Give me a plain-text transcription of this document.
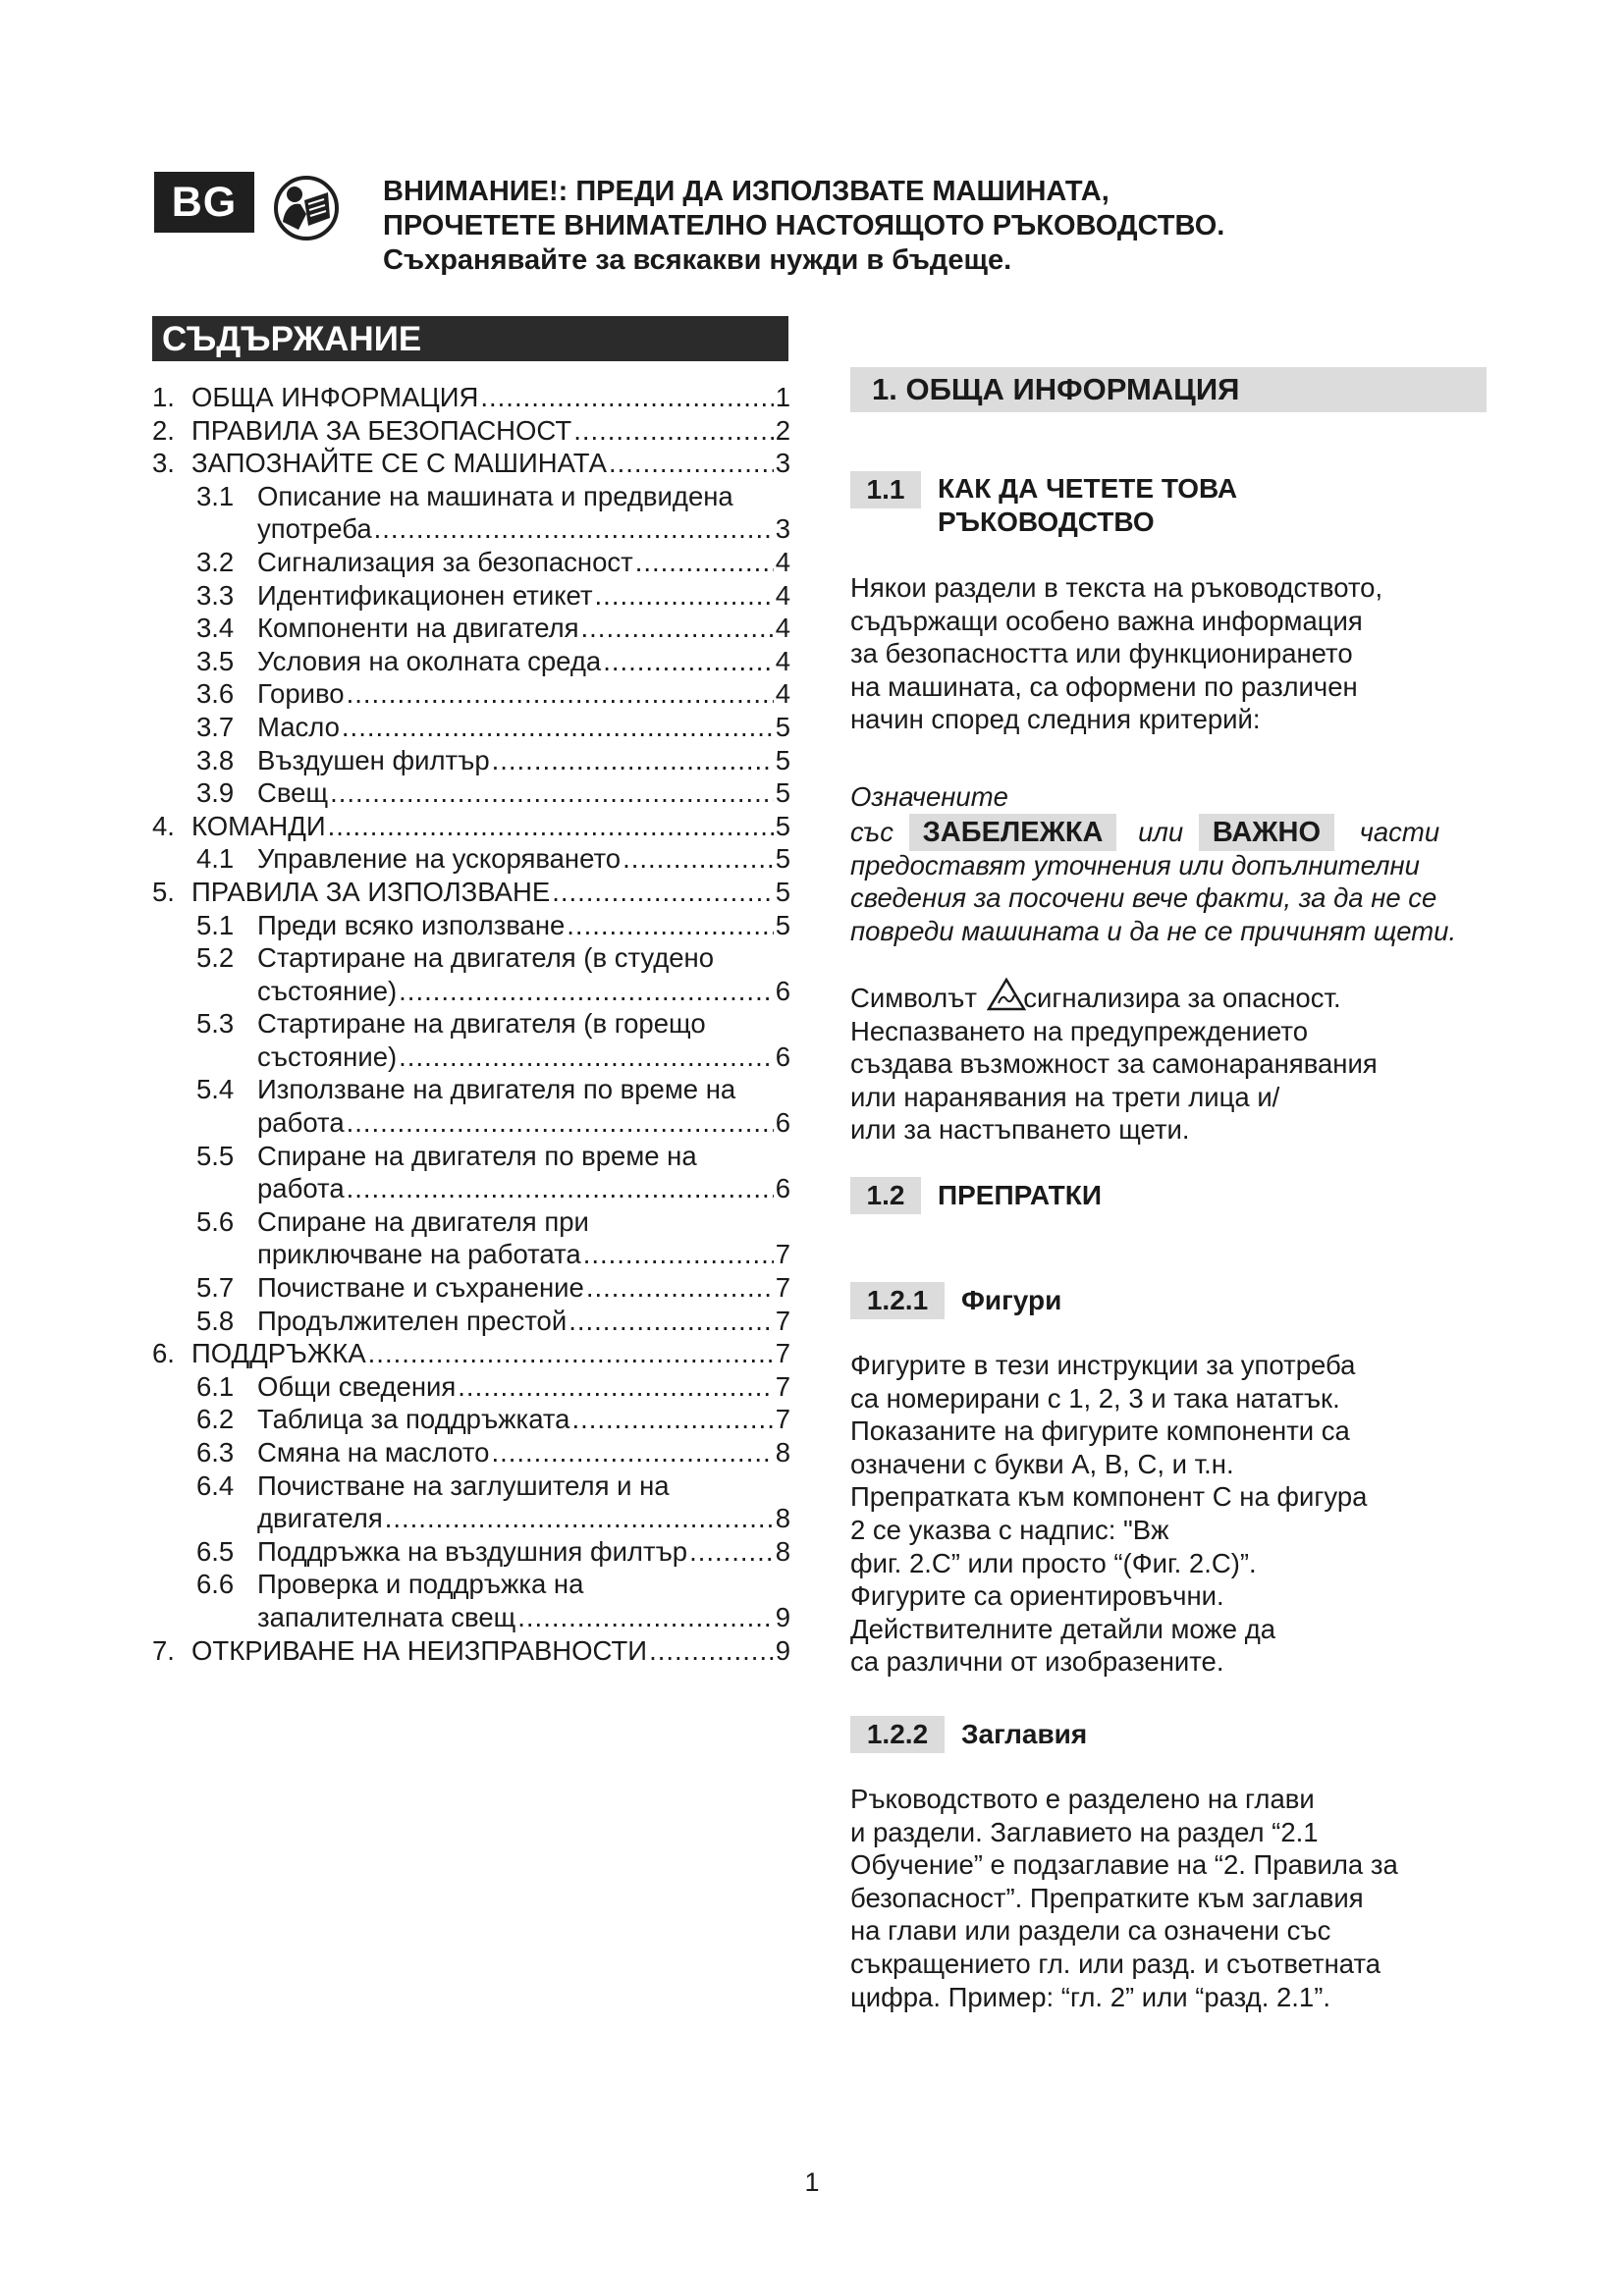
BG	ВНИМАНИЕ!: ПРЕДИ ДА ИЗПОЛЗВАТЕ МАШИНАТА,
ПРОЧЕТЕТЕ ВНИМАТЕЛНО НАСТОЯЩОТО РЪКОВОДСТВО.
Съхранявайте за всякакви нужди в бъдеще.
СЪДЪРЖАНИЕ
1. ОБЩА ИНФОРМАЦИЯ .....	1
2. ПРАВИЛА ЗА БЕЗОПАСНОСТ .....	2
3. ЗАПОЗНАЙТЕ СЕ С МАШИНАТА .....	3
3.1 Описание на машината и предвидена
употреба .....	3
3.2 Сигнализация за безопасност .....	4
3.3 Идентификационен етикет .....	4
3.4 Компоненти на двигателя .....	4
3.5 Условия на околната среда .....	4
3.6 Гориво .....	4
3.7 Масло .....	5
3.8 Въздушен филтър .....	5
3.9 Свещ .....	5
4. КОМАНДИ .....	5
4.1 Управление на ускоряването .....	5
5. ПРАВИЛА ЗА ИЗПОЛЗВАНЕ .....	5
5.1 Преди всяко използване .....	5
5.2 Стартиране на двигателя (в студено
състояние) .....	6
5.3 Стартиране на двигателя (в горещо
състояние) .....	6
5.4 Използване на двигателя по време на
работа .....	6
5.5 Спиране на двигателя по време на
работа .....	6
5.6 Спиране на двигателя при
приключване на работата .....	7
5.7 Почистване и съхранение .....	7
5.8 Продължителен престой .....	7
6. ПОДДРЪЖКА .....	7
6.1 Общи сведения .....	7
6.2 Таблица за поддръжката .....	7
6.3 Смяна на маслото .....	8
6.4 Почистване на заглушителя и на
двигателя .....	8
6.5 Поддръжка на въздушния филтър .....	8
6.6 Проверка и поддръжка на
запалителната свещ .....	9
7. ОТКРИВАНЕ НА НЕИЗПРАВНОСТИ .....	9
1. ОБЩА ИНФОРМАЦИЯ
1.1	КАК ДА ЧЕТЕТЕ ТОВА
РЪКОВОДСТВО
Някои раздели в текста на ръководството,
съдържащи особено важна информация
за безопасността или функционирането
на машината, са оформени по различен
начин според следния критерий:
Означените
със ЗАБЕЛЕЖКА или ВАЖНО части
предоставят уточнения или допълнителни
сведения за посочени вече факти, за да не се
повреди машината и да не се причинят щети.
Символът сигнализира за опасност.
Неспазването на предупреждението
създава възможност за самонаранявания
или наранявания на трети лица и/
или за настъпването щети.
1.2	ПРЕПРАТКИ
1.2.1	Фигури
Фигурите в тези инструкции за употреба
са номерирани с 1, 2, 3 и така нататък.
Показаните на фигурите компоненти са
означени с букви A, B, C, и т.н.
Препратката към компонент C на фигура
2 се указва с надпис: "Вж
фиг. 2.C” или просто “(Фиг. 2.C)”.
Фигурите са ориентировъчни.
Действителните детайли може да
са различни от изобразените.
1.2.2	Заглавия
Ръководството е разделено на глави
и раздели. Заглавието на раздел “2.1
Обучение” е подзаглавие на “2. Правила за
безопасност”. Препратките към заглавия
на глави или раздели са означени със
съкращението гл. или разд. и съответната
цифра. Пример: “гл. 2” или “разд. 2.1”.
1
